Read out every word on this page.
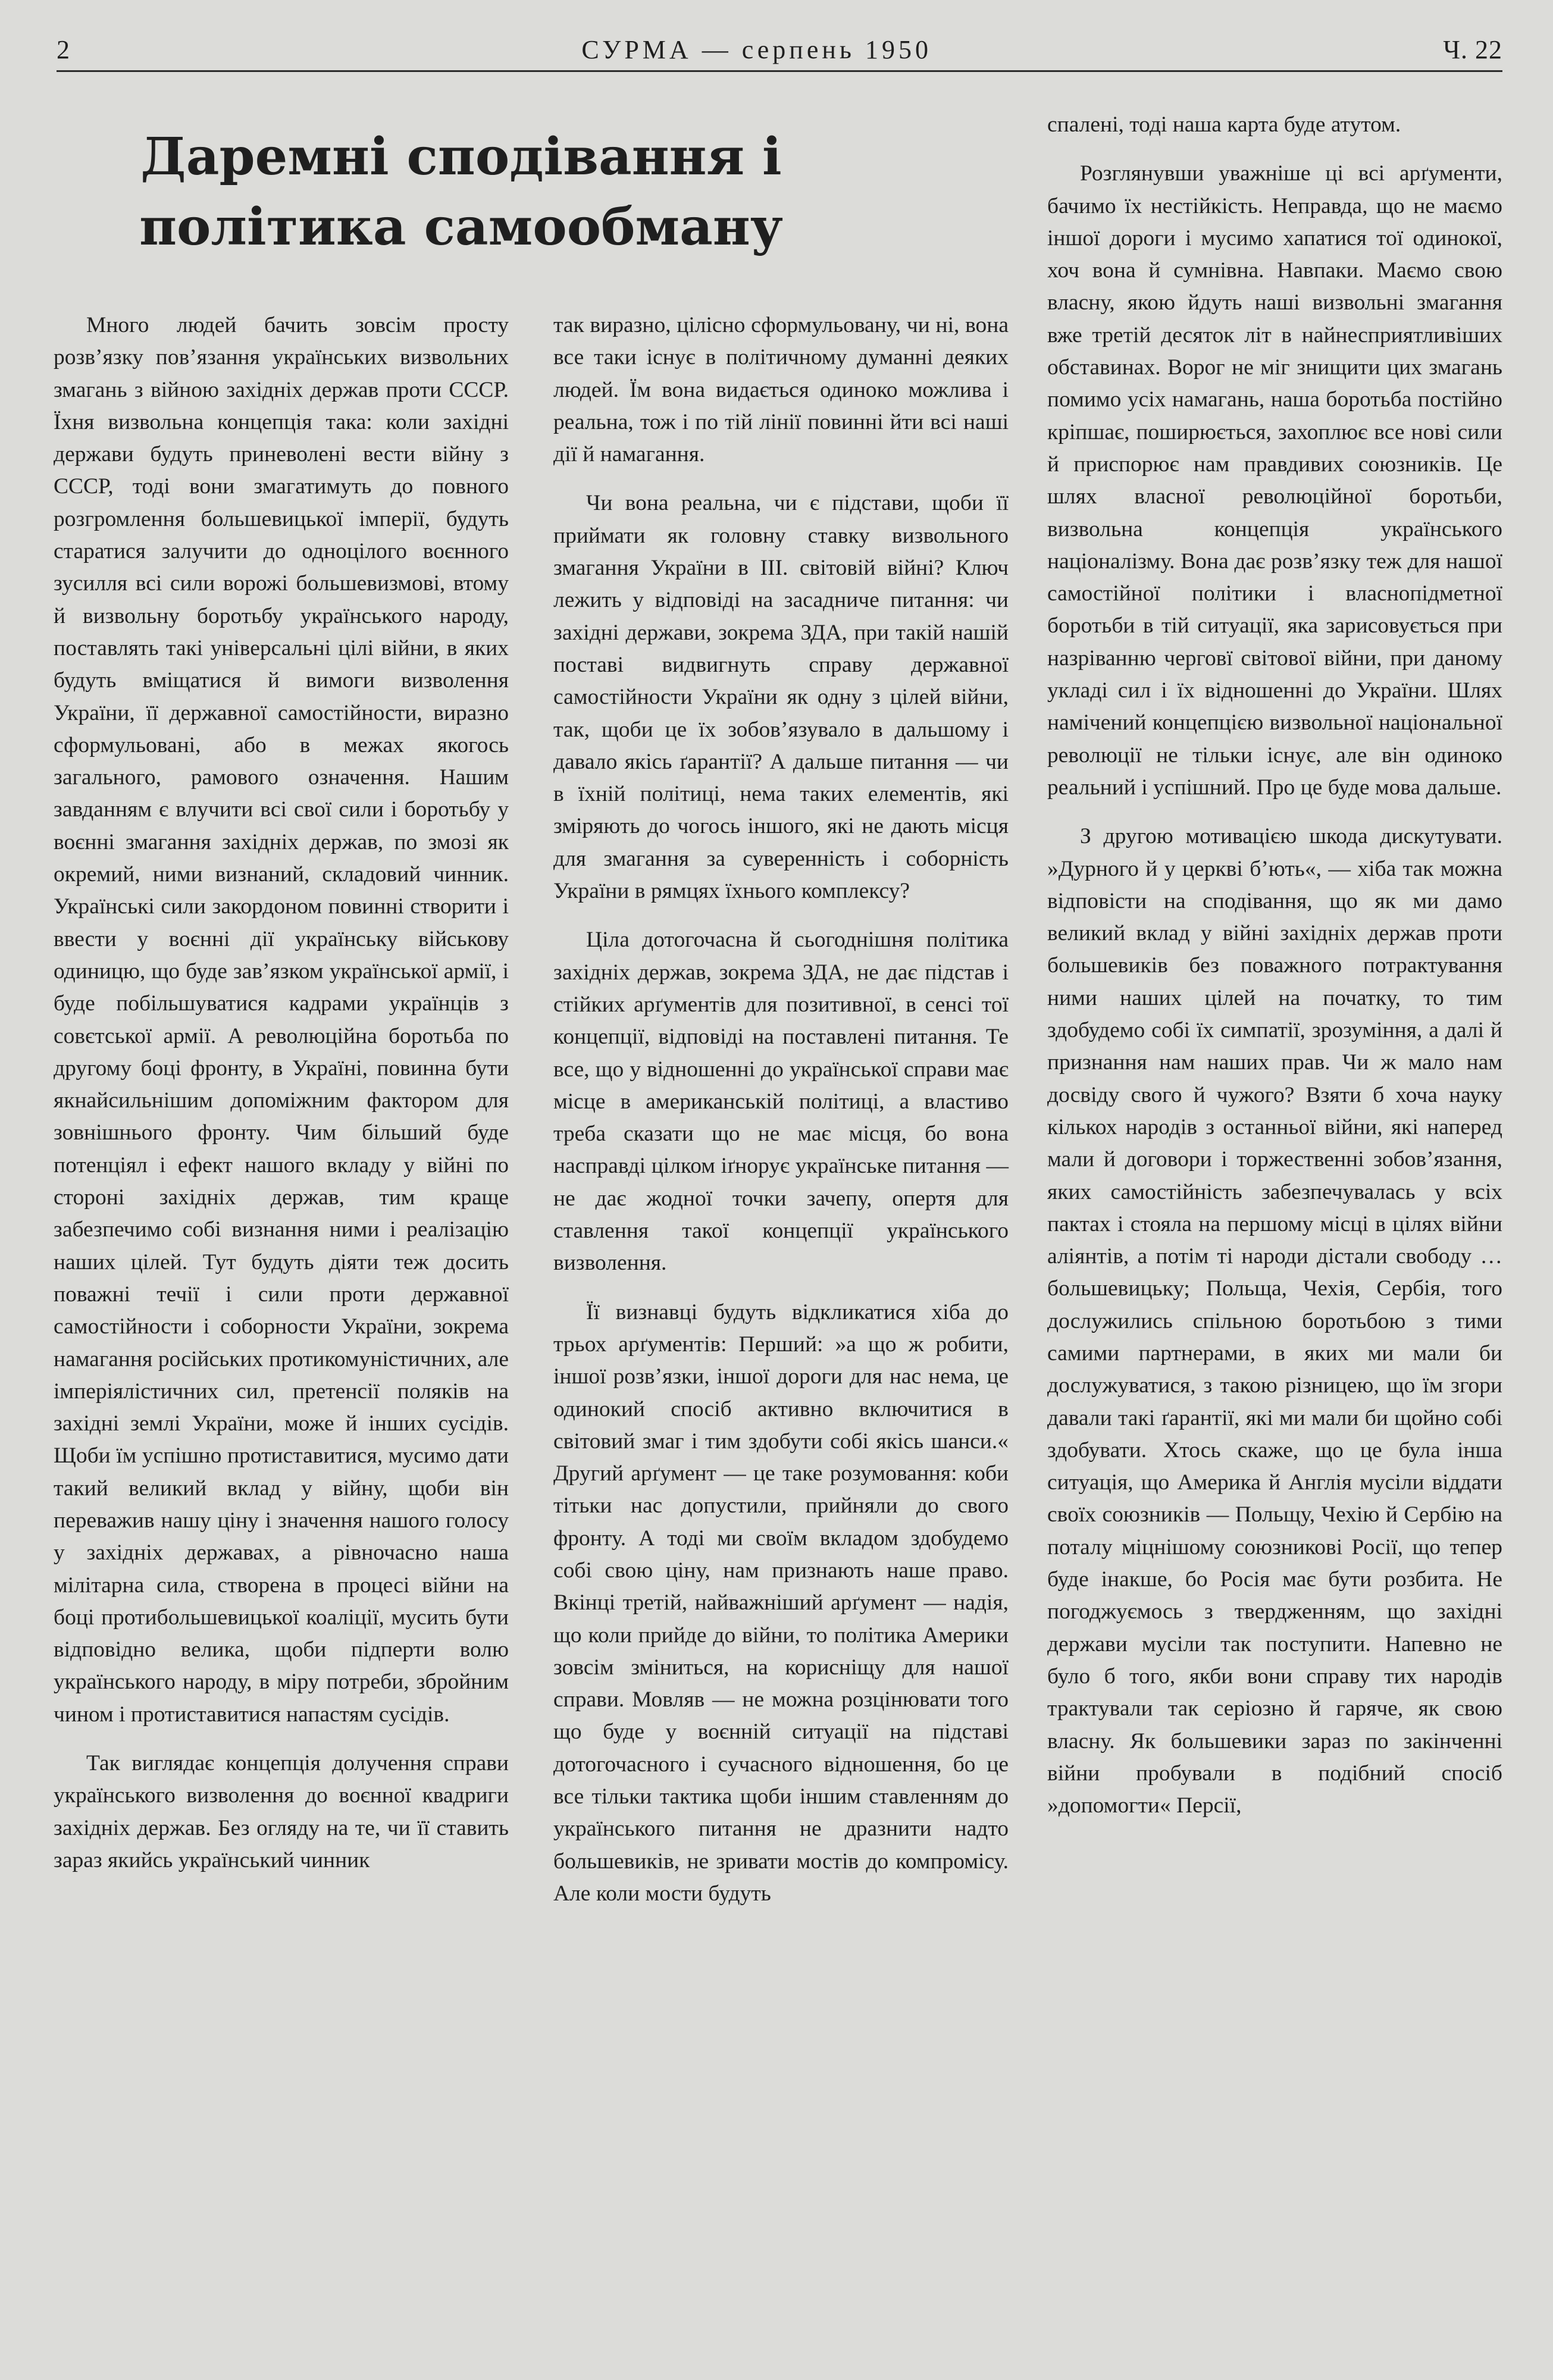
2	СУРМА — серпень 1950	Ч. 22
Даремні сподівання і політика самообману

Много людей бачить зовсім просту розв’язку пов’язання українських визвольних змагань з війною західніх держав проти СССР. Їхня визвольна концепція така: коли західні держави будуть приневолені вести війну з СССР, тоді вони змагатимуть до повного розгромлення большевицької імперії, будуть старатися залучити до одноцілого воєнного зусилля всі сили ворожі большевизмові, втому й визвольну боротьбу українського народу, поставлять такі універсальні цілі війни, в яких будуть вміщатися й вимоги визволення України, її державної самостійности, виразно сформульовані, або в межах якогось загального, рамового означення. Нашим завданням є влучити всі свої сили і боротьбу у воєнні змагання західніх держав, по змозі як окремий, ними визнаний, складовий чинник. Українські сили закордоном повинні створити і ввести у воєнні дії українську військову одиницю, що буде зав’язком української армії, і буде побільшуватися кадрами українців з совєтської армії. А революційна боротьба по другому боці фронту, в Україні, повинна бути якнайсильнішим допоміжним фактором для зовнішнього фронту. Чим більший буде потенціял і ефект нашого вкладу у війні по стороні західніх держав, тим краще забезпечимо собі визнання ними і реалізацію наших цілей. Тут будуть діяти теж досить поважні течії і сили проти державної самостійности і соборности України, зокрема намагання російських протикомуністичних, але імперіялістичних сил, претенсії поляків на західні землі України, може й інших сусідів. Щоби їм успішно протиставитися, мусимо дати такий великий вклад у війну, щоби він переважив нашу ціну і значення нашого голосу у західніх державах, а рівночасно наша мілітарна сила, створена в процесі війни на боці протибольшевицької коаліції, мусить бути відповідно велика, щоби підперти волю українського народу, в міру потреби, збройним чином і протиставитися напастям сусідів.

Так виглядає концепція долучення справи українського визволення до воєнної квадриги західніх держав. Без огляду на те, чи її ставить зараз якийсь український чинник

так виразно, цілісно сформульовану, чи ні, вона все таки існує в політичному думанні деяких людей. Їм вона видається одиноко можлива і реальна, тож і по тій лінії повинні йти всі наші дії й намагання.

Чи вона реальна, чи є підстави, щоби її приймати як головну ставку визвольного змагання України в III. світовій війні? Ключ лежить у відповіді на засадниче питання: чи західні держави, зокрема ЗДА, при такій нашій поставі видвигнуть справу державної самостійности України як одну з цілей війни, так, щоби це їх зобов’язувало в дальшому і давало якісь ґарантії? А дальше питання — чи в їхній політиці, нема таких елементів, які зміряють до чогось іншого, які не дають місця для змагання за суверенність і соборність України в рямцях їхнього комплексу?

Ціла дотогочасна й сьогоднішня політика західніх держав, зокрема ЗДА, не дає підстав і стійких арґументів для позитивної, в сенсі тої концепції, відповіді на поставлені питання. Те все, що у відношенні до української справи має місце в американській політиці, а властиво треба сказати що не має місця, бо вона насправді цілком іґнорує українське питання — не дає жодної точки зачепу, опертя для ставлення такої концепції українського визволення.

Її визнавці будуть відкликатися хіба до трьох арґументів: Перший: »а що ж робити, іншої розв’язки, іншої дороги для нас нема, це одинокий спосіб активно включитися в світовий змаг і тим здобути собі якісь шанси.« Другий арґумент — це таке розумовання: коби тітьки нас допустили, прийняли до свого фронту. А тоді ми своїм вкладом здобудемо собі свою ціну, нам признають наше право. Вкінці третій, найважніший арґумент — надія, що коли прийде до війни, то політика Америки зовсім зміниться, на корисніщу для нашої справи. Мовляв — не можна розцінювати того що буде у воєнній ситуації на підставі дотогочасного і сучасного відношення, бо це все тільки тактика щоби іншим ставленням до українського питання не дразнити надто большевиків, не зривати мостів до компромісу. Але коли мости будуть

спалені, тоді наша карта буде атутом.

Розглянувши уважніше ці всі арґументи, бачимо їх нестійкість. Неправда, що не маємо іншої дороги і мусимо хапатися тої одинокої, хоч вона й сумнівна. Навпаки. Маємо свою власну, якою йдуть наші визвольні змагання вже третій десяток літ в найнесприятливіших обставинах. Ворог не міг знищити цих змагань помимо усіх намагань, наша боротьба постійно кріпшає, поширюється, захоплює все нові сили й приспорює нам правдивих союзників. Це шлях власної революційної боротьби, визвольна концепція українського націоналізму. Вона дає розв’язку теж для нашої самостійної політики і власнопідметної боротьби в тій ситуації, яка зарисовується при назріванню черговї світової війни, при даному укладі сил і їх відношенні до України. Шлях намічений концепцією визвольної національної революції не тільки існує, але він одиноко реальний і успішний. Про це буде мова дальше.

З другою мотивацією шкода дискутувати. »Дурного й у церкві б’ють«, — хіба так можна відповісти на сподівання, що як ми дамо великий вклад у війні західніх держав проти большевиків без поважного потрактування ними наших цілей на початку, то тим здобудемо собі їх симпатії, зрозуміння, а далі й признання нам наших прав. Чи ж мало нам досвіду свого й чужого? Взяти б хоча науку кількох народів з останньої війни, які наперед мали й договори і торжественні зобов’язання, яких самостійність забезпечувалась у всіх пактах і стояла на першому місці в цілях війни аліянтів, а потім ті народи дістали свободу … большевицьку; Польща, Чехія, Сербія, того дослужились спільною боротьбою з тими самими партнерами, в яких ми мали би дослужуватися, з такою різницею, що їм згори давали такі ґарантії, які ми мали би щойно собі здобувати. Хтось скаже, що це була інша ситуація, що Америка й Англія мусіли віддати своїх союзників — Польщу, Чехію й Сербію на поталу міцнішому союзникові Росії, що тепер буде інакше, бо Росія має бути розбита. Не погоджуємось з твердженням, що західні держави мусіли так поступити. Напевно не було б того, якби вони справу тих народів трактували так серіозно й гаряче, як свою власну. Як большевики зараз по закінченні війни пробували в подібний спосіб »допомогти« Персії,
